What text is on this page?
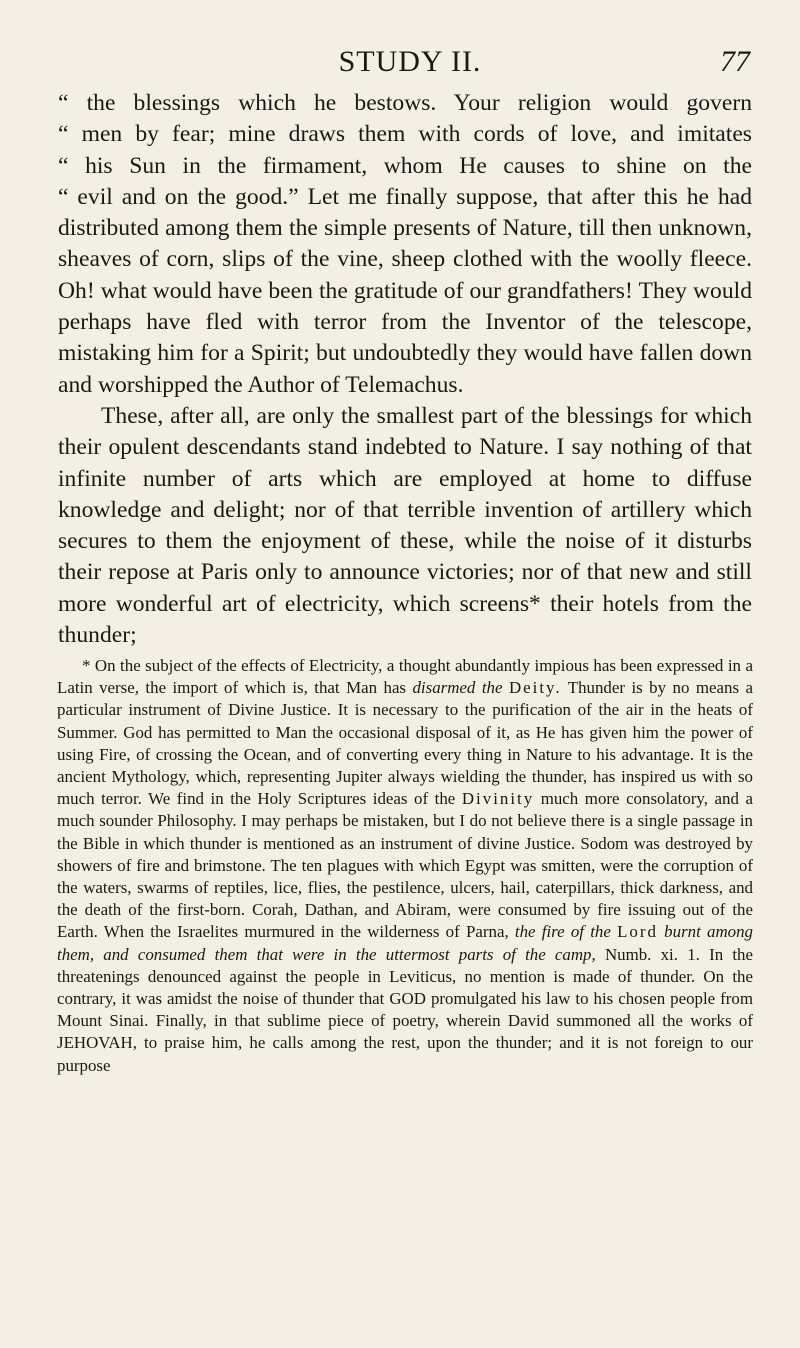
STUDY II.	77

“ the blessings which he bestows. Your religion would govern
“ men by fear; mine draws them with cords of love, and imitates
“ his Sun in the firmament, whom He causes to shine on the
“ evil and on the good.” Let me finally suppose, that after this he had distributed among them the simple presents of Nature, till then unknown, sheaves of corn, slips of the vine, sheep clothed with the woolly fleece. Oh! what would have been the gratitude of our grandfathers! They would perhaps have fled with terror from the Inventor of the telescope, mistaking him for a Spirit; but undoubtedly they would have fallen down and worshipped the Author of Telemachus.

These, after all, are only the smallest part of the blessings for which their opulent descendants stand indebted to Nature. I say nothing of that infinite number of arts which are employed at home to diffuse knowledge and delight; nor of that terrible invention of artillery which secures to them the enjoyment of these, while the noise of it disturbs their repose at Paris only to announce victories; nor of that new and still more wonderful art of electricity, which screens* their hotels from the thunder;

* On the subject of the effects of Electricity, a thought abundantly impious has been expressed in a Latin verse, the import of which is, that Man has disarmed the Deity. Thunder is by no means a particular instrument of Divine Justice. It is necessary to the purification of the air in the heats of Summer. God has permitted to Man the occasional disposal of it, as He has given him the power of using Fire, of crossing the Ocean, and of converting every thing in Nature to his advantage. It is the ancient Mythology, which, representing Jupiter always wielding the thunder, has inspired us with so much terror. We find in the Holy Scriptures ideas of the Divinity much more consolatory, and a much sounder Philosophy. I may perhaps be mistaken, but I do not believe there is a single passage in the Bible in which thunder is mentioned as an instrument of divine Justice. Sodom was destroyed by showers of fire and brimstone. The ten plagues with which Egypt was smitten, were the corruption of the waters, swarms of reptiles, lice, flies, the pestilence, ulcers, hail, caterpillars, thick darkness, and the death of the first-born. Corah, Dathan, and Abiram, were consumed by fire issuing out of the Earth. When the Israelites murmured in the wilderness of Parna, the fire of the Lord burnt among them, and consumed them that were in the uttermost parts of the camp, Numb. xi. 1. In the threatenings denounced against the people in Leviticus, no mention is made of thunder. On the contrary, it was amidst the noise of thunder that GOD promulgated his law to his chosen people from Mount Sinai. Finally, in that sublime piece of poetry, wherein David summoned all the works of JEHOVAH, to praise him, he calls among the rest, upon the thunder; and it is not foreign to our purpose
